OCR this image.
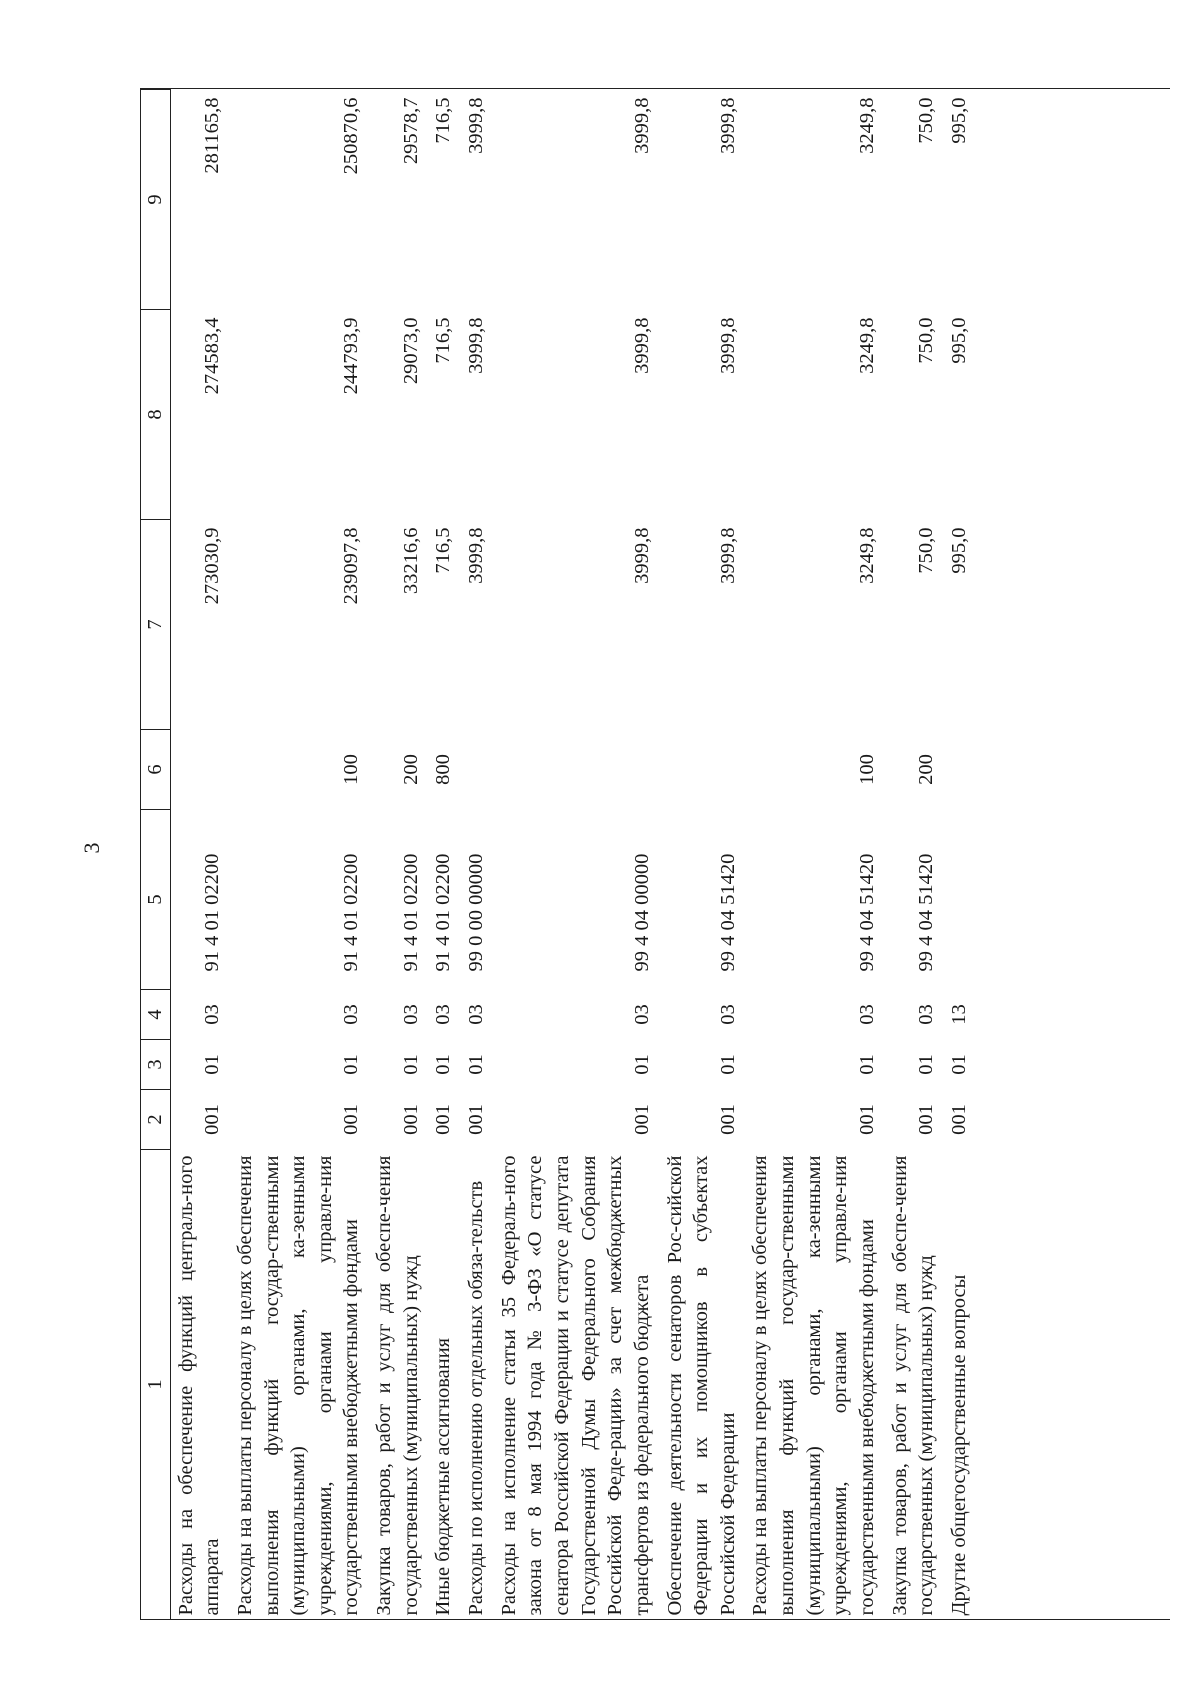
3
1	2	3	4	5	6	7	8	9
Расходы на обеспечение функций централь-ного аппарата	001	01	03	91 4 01 02200		273030,9	274583,4	281165,8
Расходы на выплаты персоналу в целях обеспечения выполнения функций государ-ственными (муниципальными) органами, ка-зенными учреждениями, органами управле-ния государственными внебюджетными фондами	001	01	03	91 4 01 02200	100	239097,8	244793,9	250870,6
Закупка товаров, работ и услуг для обеспе-чения государственных (муниципальных) нужд	001	01	03	91 4 01 02200	200	33216,6	29073,0	29578,7
Иные бюджетные ассигнования	001	01	03	91 4 01 02200	800	716,5	716,5	716,5
Расходы по исполнению отдельных обяза-тельств	001	01	03	99 0 00 00000		3999,8	3999,8	3999,8
Расходы на исполнение статьи 35 Федераль-ного закона от 8 мая 1994 года № 3-ФЗ «О статусе сенатора Российской Федерации и статусе депутата Государственной Думы Федерального Собрания Российской Феде-рации» за счет межбюджетных трансфертов из федерального бюджета	001	01	03	99 4 04 00000		3999,8	3999,8	3999,8
Обеспечение деятельности сенаторов Рос-сийской Федерации и их помощников в субъектах Российской Федерации	001	01	03	99 4 04 51420		3999,8	3999,8	3999,8
Расходы на выплаты персоналу в целях обеспечения выполнения функций государ-ственными (муниципальными) органами, ка-зенными учреждениями, органами управле-ния государственными внебюджетными фондами	001	01	03	99 4 04 51420	100	3249,8	3249,8	3249,8
Закупка товаров, работ и услуг для обеспе-чения государственных (муниципальных) нужд	001	01	03	99 4 04 51420	200	750,0	750,0	750,0
Другие общегосударственные вопросы	001	01	13			995,0	995,0	995,0
